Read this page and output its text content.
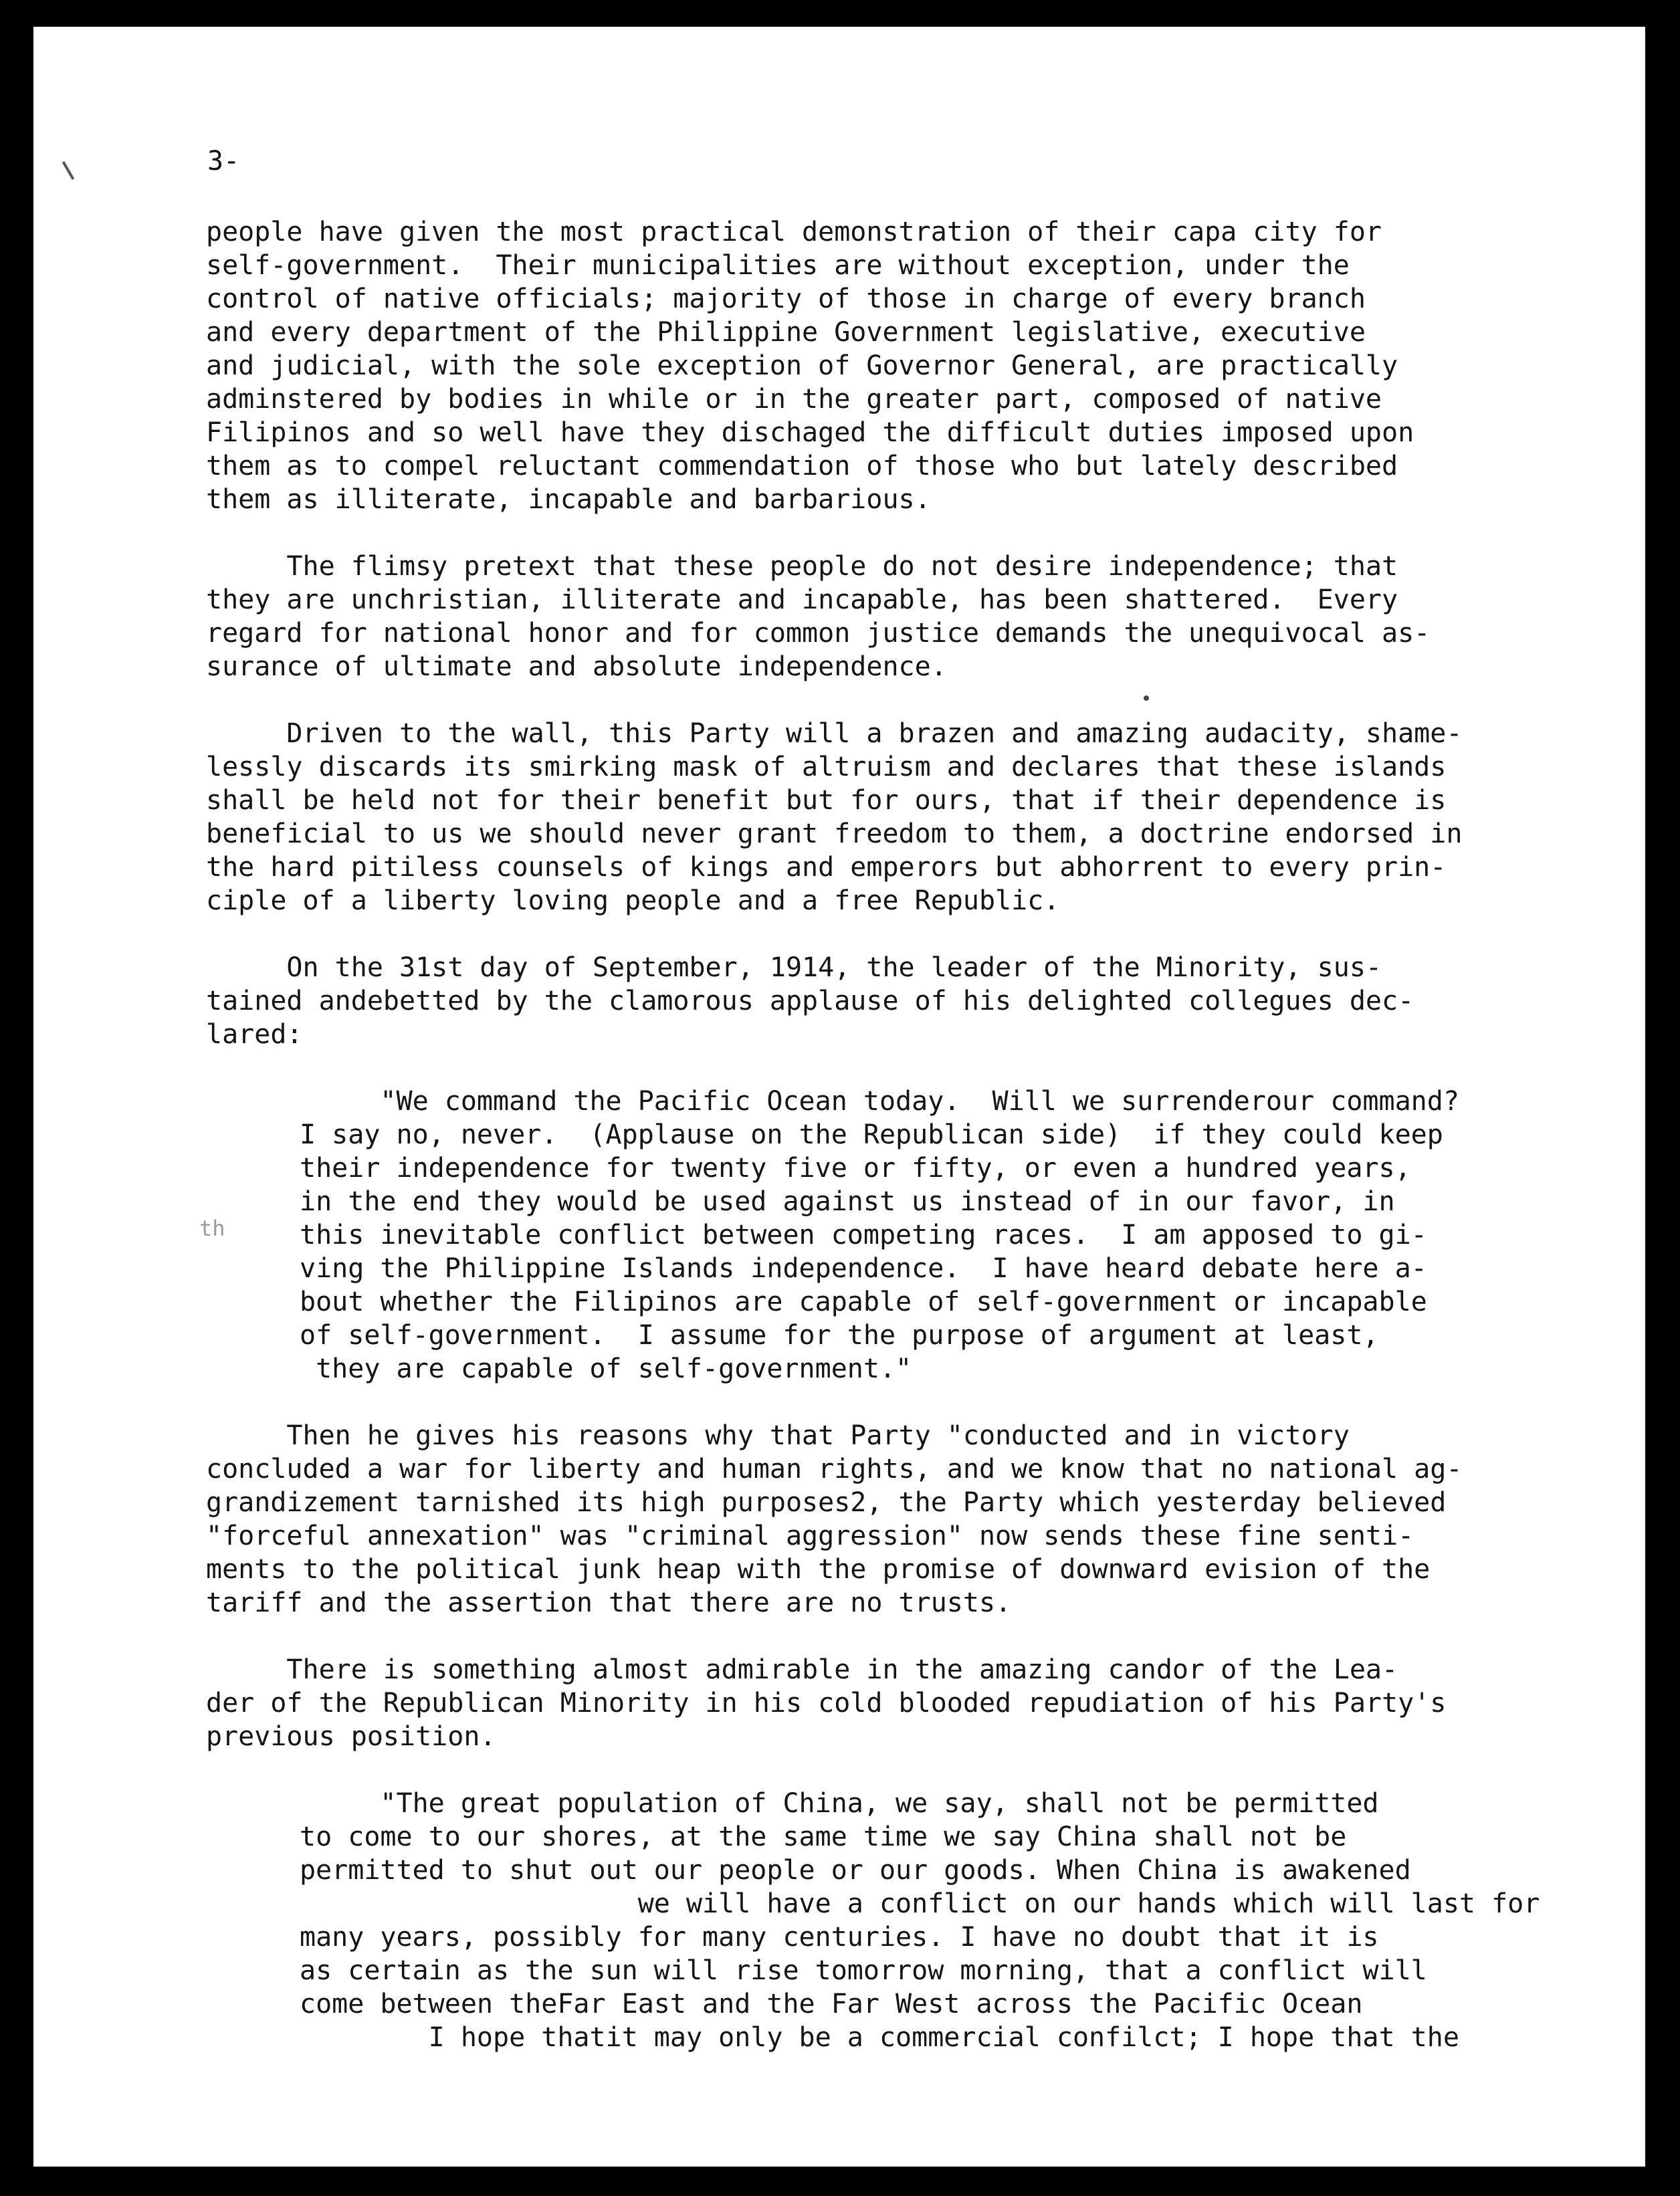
3-
th
people have given the most practical demonstration of their capa city for
self-government.  Their municipalities are without exception, under the
control of native officials; majority of those in charge of every branch
and every department of the Philippine Government legislative, executive
and judicial, with the sole exception of Governor General, are practically
adminstered by bodies in while or in the greater part, composed of native
Filipinos and so well have they dischaged the difficult duties imposed upon
them as to compel reluctant commendation of those who but lately described
them as illiterate, incapable and barbarious.
The flimsy pretext that these people do not desire independence; that
they are unchristian, illiterate and incapable, has been shattered.  Every
regard for national honor and for common justice demands the unequivocal as-
surance of ultimate and absolute independence.
Driven to the wall, this Party will a brazen and amazing audacity, shame-
lessly discards its smirking mask of altruism and declares that these islands
shall be held not for their benefit but for ours, that if their dependence is
beneficial to us we should never grant freedom to them, a doctrine endorsed in
the hard pitiless counsels of kings and emperors but abhorrent to every prin-
ciple of a liberty loving people and a free Republic.
On the 31st day of September, 1914, the leader of the Minority, sus-
tained andebetted by the clamorous applause of his delighted collegues dec-
lared:
"We command the Pacific Ocean today.  Will we surrenderour command?
I say no, never.  (Applause on the Republican side)  if they could keep
their independence for twenty five or fifty, or even a hundred years,
in the end they would be used against us instead of in our favor, in
this inevitable conflict between competing races.  I am apposed to gi-
ving the Philippine Islands independence.  I have heard debate here a-
bout whether the Filipinos are capable of self-government or incapable
of self-government.  I assume for the purpose of argument at least,
they are capable of self-government."
Then he gives his reasons why that Party "conducted and in victory
concluded a war for liberty and human rights, and we know that no national ag-
grandizement tarnished its high purposes2, the Party which yesterday believed
"forceful annexation" was "criminal aggression" now sends these fine senti-
ments to the political junk heap with the promise of downward evision of the
tariff and the assertion that there are no trusts.
There is something almost admirable in the amazing candor of the Lea-
der of the Republican Minority in his cold blooded repudiation of his Party's
previous position.
"The great population of China, we say, shall not be permitted
to come to our shores, at the same time we say China shall not be
permitted to shut out our people or our goods. When China is awakened
we will have a conflict on our hands which will last for
many years, possibly for many centuries. I have no doubt that it is
as certain as the sun will rise tomorrow morning, that a conflict will
come between theFar East and the Far West across the Pacific Ocean
I hope thatit may only be a commercial confilct; I hope that the
